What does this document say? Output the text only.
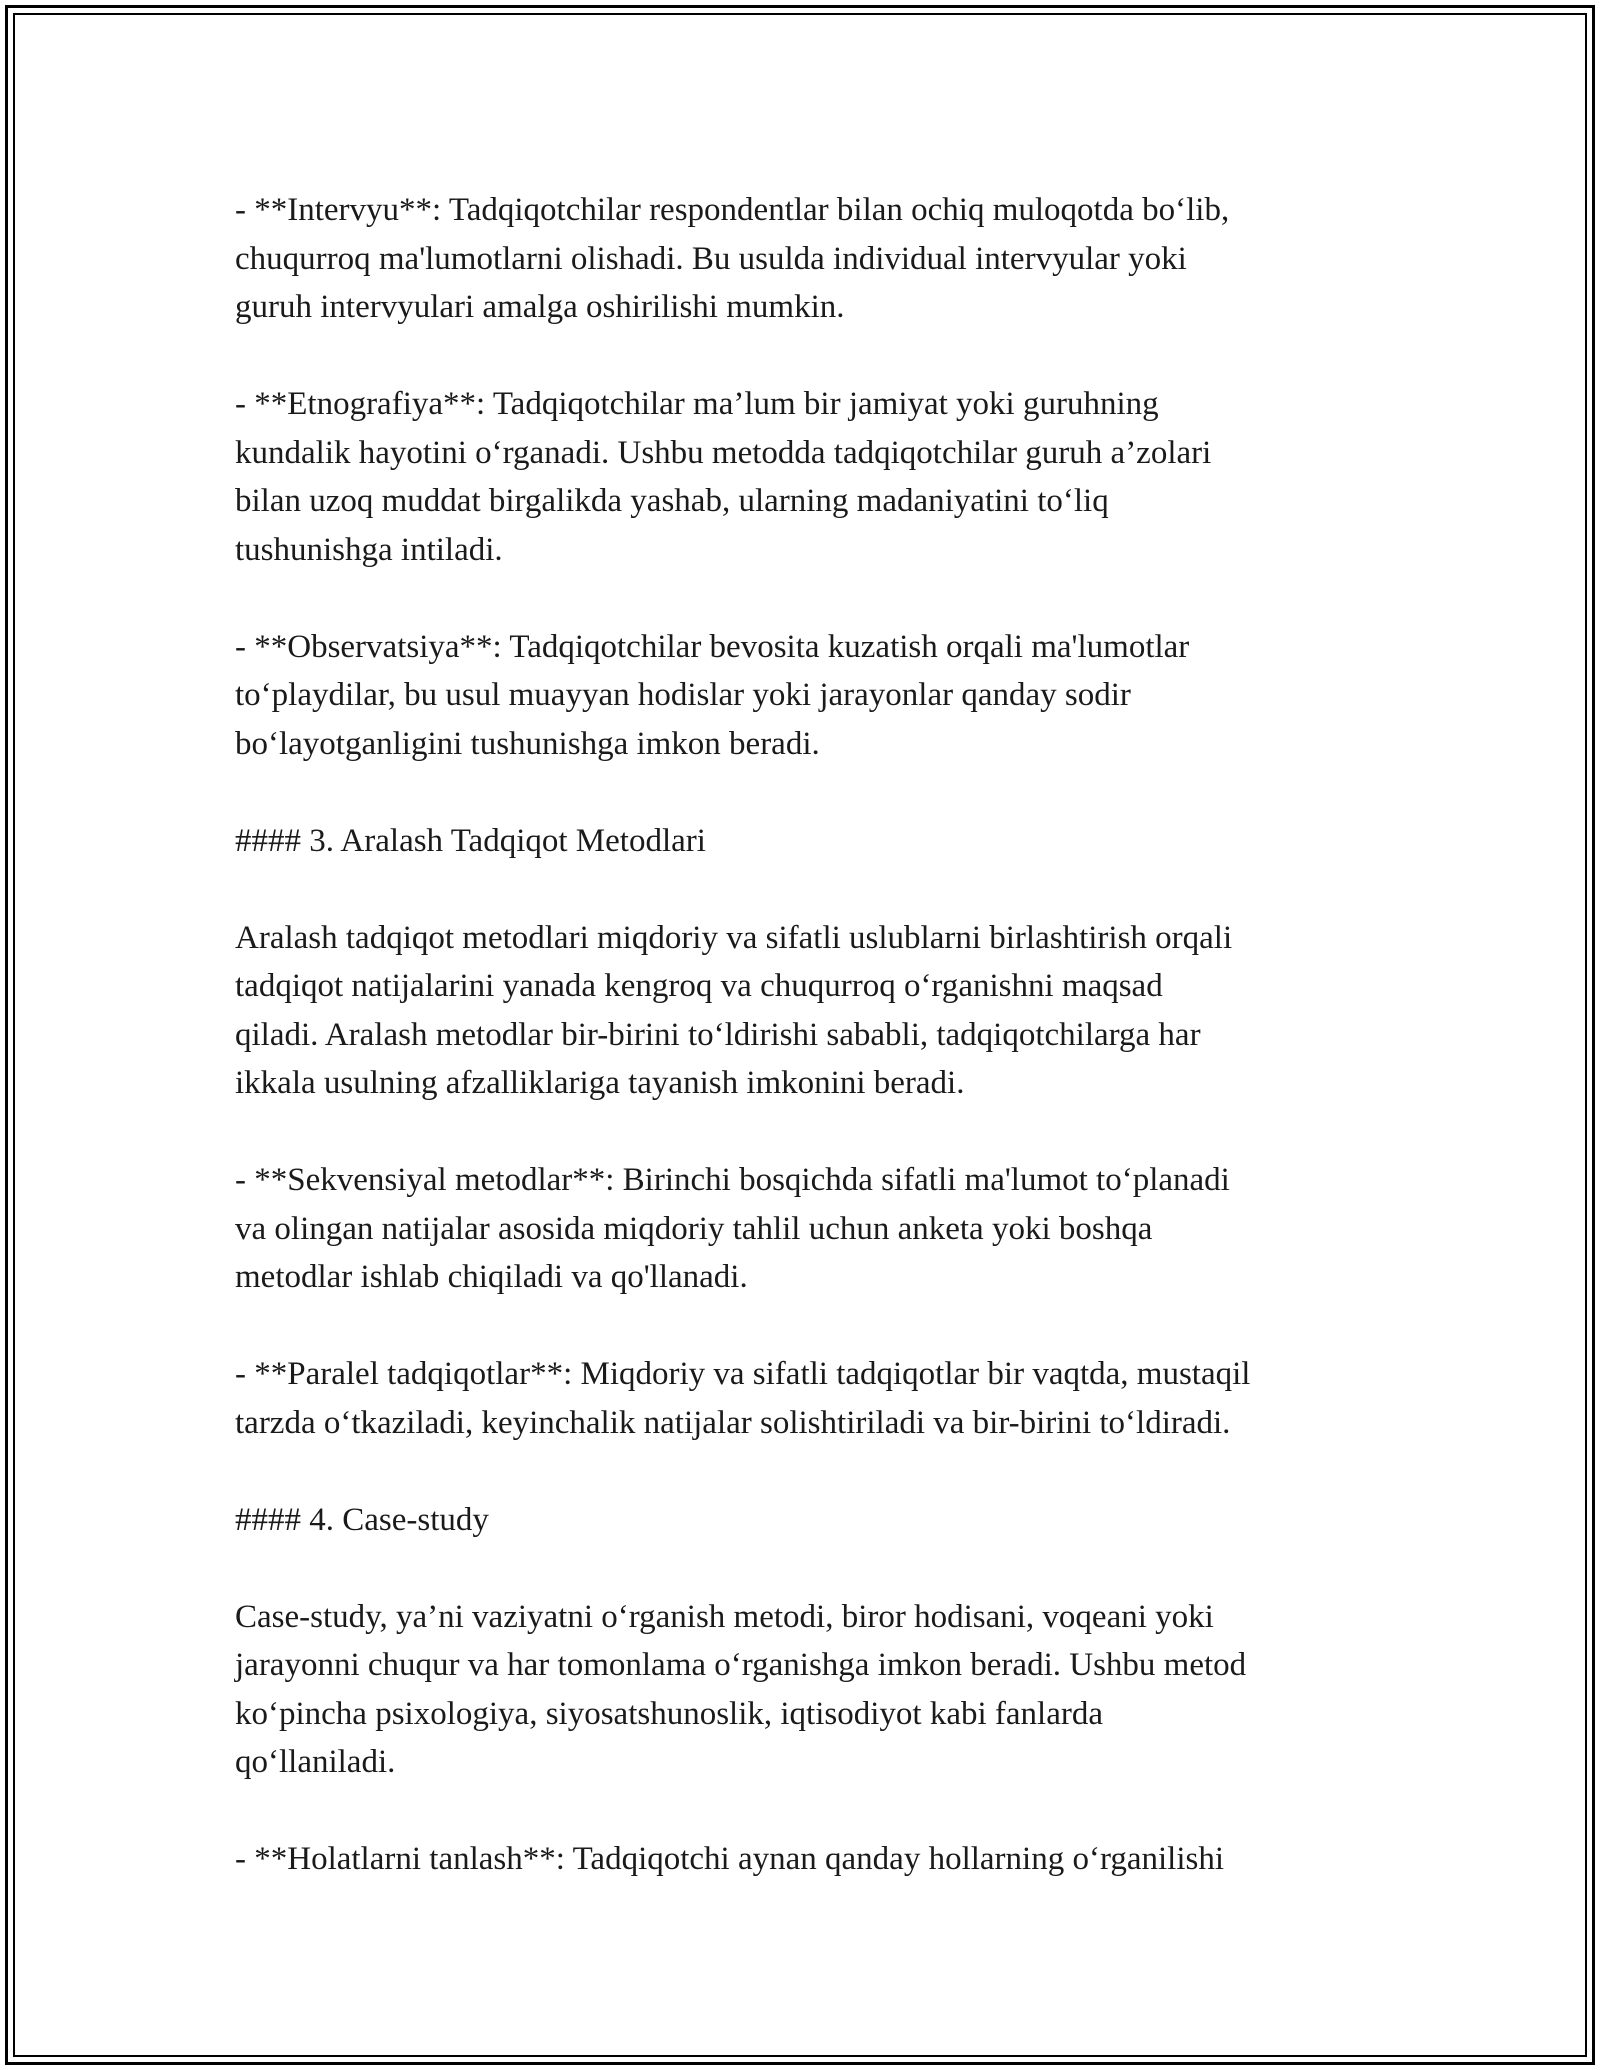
- **Intervyu**: Tadqiqotchilar respondentlar bilan ochiq muloqotda bo‘lib,
chuqurroq ma'lumotlarni olishadi. Bu usulda individual intervyular yoki
guruh intervyulari amalga oshirilishi mumkin.

- **Etnografiya**: Tadqiqotchilar ma’lum bir jamiyat yoki guruhning
kundalik hayotini o‘rganadi. Ushbu metodda tadqiqotchilar guruh a’zolari
bilan uzoq muddat birgalikda yashab, ularning madaniyatini to‘liq
tushunishga intiladi.

- **Observatsiya**: Tadqiqotchilar bevosita kuzatish orqali ma'lumotlar
to‘playdilar, bu usul muayyan hodislar yoki jarayonlar qanday sodir
bo‘layotganligini tushunishga imkon beradi.

#### 3. Aralash Tadqiqot Metodlari

Aralash tadqiqot metodlari miqdoriy va sifatli uslublarni birlashtirish orqali
tadqiqot natijalarini yanada kengroq va chuqurroq o‘rganishni maqsad
qiladi. Aralash metodlar bir-birini to‘ldirishi sababli, tadqiqotchilarga har
ikkala usulning afzalliklariga tayanish imkonini beradi.

- **Sekvensiyal metodlar**: Birinchi bosqichda sifatli ma'lumot to‘planadi
va olingan natijalar asosida miqdoriy tahlil uchun anketa yoki boshqa
metodlar ishlab chiqiladi va qo'llanadi.

- **Paralel tadqiqotlar**: Miqdoriy va sifatli tadqiqotlar bir vaqtda, mustaqil
tarzda o‘tkaziladi, keyinchalik natijalar solishtiriladi va bir-birini to‘ldiradi.

#### 4. Case-study

Case-study, ya’ni vaziyatni o‘rganish metodi, biror hodisani, voqeani yoki
jarayonni chuqur va har tomonlama o‘rganishga imkon beradi. Ushbu metod
ko‘pincha psixologiya, siyosatshunoslik, iqtisodiyot kabi fanlarda
qo‘llaniladi.

- **Holatlarni tanlash**: Tadqiqotchi aynan qanday hollarning o‘rganilishi
